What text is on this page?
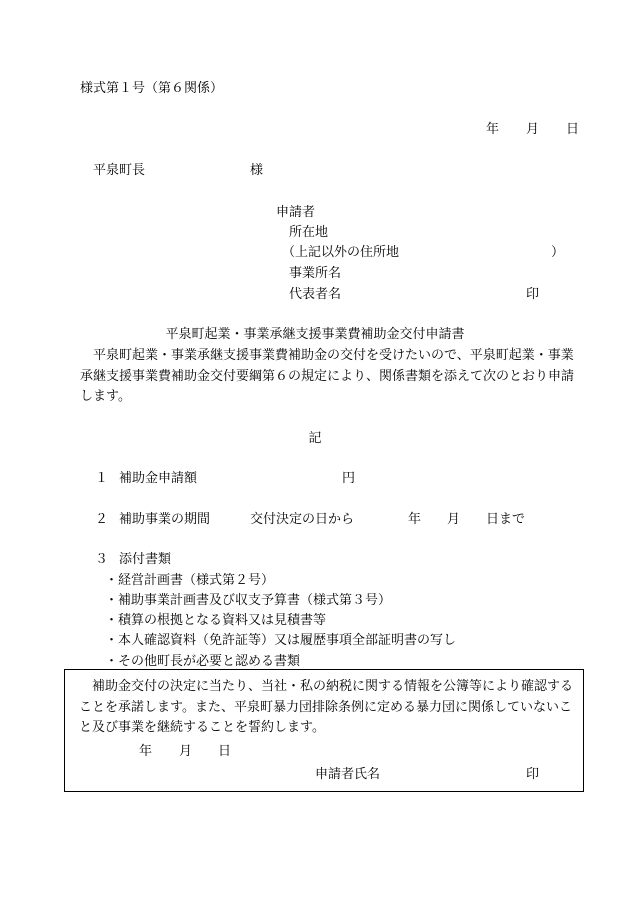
様式第１号（第６関係）
年 月 日
平泉町長	様
申請者
所在地
（上記以外の住所地	）
事業所名
代表者名	印
平泉町起業・事業承継支援事業費補助金交付申請書
平泉町起業・事業承継支援事業費補助金の交付を受けたいので、平泉町起業・事業承継支援事業費補助金交付要綱第６の規定により、関係書類を添えて次のとおり申請します。
記
１ 補助金申請額	円
２ 補助事業の期間	交付決定の日から	年 月 日まで
３ 添付書類
・経営計画書（様式第２号）
・補助事業計画書及び収支予算書（様式第３号）
・積算の根拠となる資料又は見積書等
・本人確認資料（免許証等）又は履歴事項全部証明書の写し
・その他町長が必要と認める書類
補助金交付の決定に当たり、当社・私の納税に関する情報を公簿等により確認することを承諾します。また、平泉町暴力団排除条例に定める暴力団に関係していないこと及び事業を継続することを誓約します。
年 月 日
申請者氏名	印
